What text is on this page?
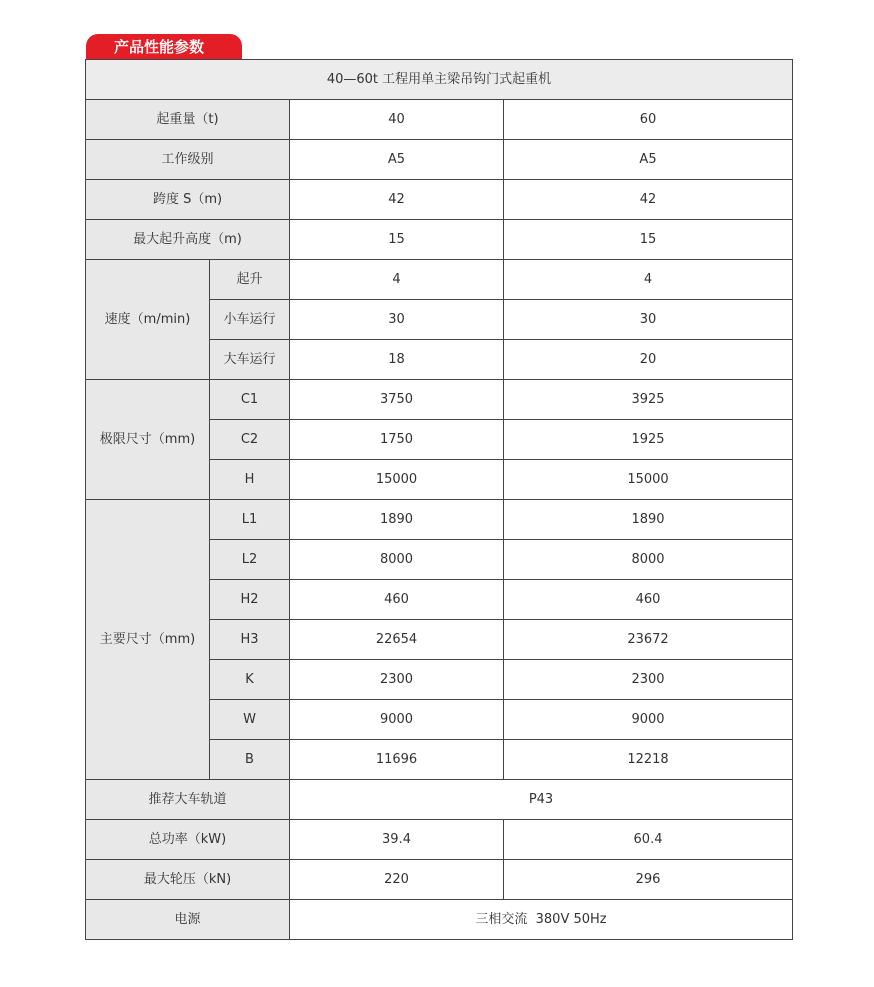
产品性能参数
40—60t 工程用单主梁吊钩门式起重机			
起重量（t)		40	60
工作级别		A5	A5
跨度 S（m)		42	42
最大起升高度（m)		15	15
速度（m/min)	起升	4	4
	小车运行	30	30
	大车运行	18	20
极限尺寸（mm)	C1	3750	3925
	C2	1750	1925
	H	15000	15000
主要尺寸（mm)	L1	1890	1890
	L2	8000	8000
	H2	460	460
	H3	22654	23672
	K	2300	2300
	W	9000	9000
	B	11696	12218
推荐大车轨道		P43	
总功率（kW)		39.4	60.4
最大轮压（kN)		220	296
电源		三相交流  380V 50Hz	
